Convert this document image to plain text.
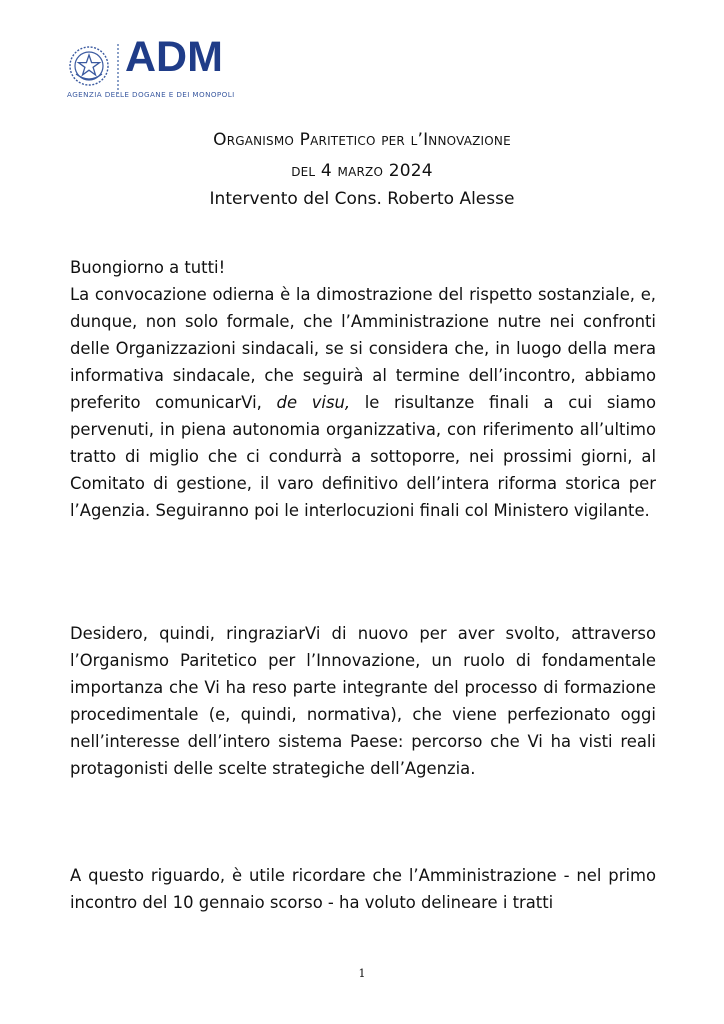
ADM
AGENZIA DELLE DOGANE E DEI MONOPOLI
Organismo Paritetico per l’Innovazione
del 4 marzo 2024
Intervento del Cons. Roberto Alesse
Buongiorno a tutti!
La convocazione odierna è la dimostrazione del rispetto sostanziale, e, dunque, non solo formale, che l’Amministrazione nutre nei confronti delle Organizzazioni sindacali, se si considera che, in luogo della mera informativa sindacale, che seguirà al termine dell’incontro, abbiamo preferito comunicarVi, de visu, le risultanze finali a cui siamo pervenuti, in piena autonomia organizzativa, con riferimento all’ultimo tratto di miglio che ci condurrà a sottoporre, nei prossimi giorni, al Comitato di gestione, il varo definitivo dell’intera riforma storica per l’Agenzia. Seguiranno poi le interlocuzioni finali col Ministero vigilante.
Desidero, quindi, ringraziarVi di nuovo per aver svolto, attraverso l’Organismo Paritetico per l’Innovazione, un ruolo di fondamentale importanza che Vi ha reso parte integrante del processo di formazione procedimentale (e, quindi, normativa), che viene perfezionato oggi nell’interesse dell’intero sistema Paese: percorso che Vi ha visti reali protagonisti delle scelte strategiche dell’Agenzia.
A questo riguardo, è utile ricordare che l’Amministrazione - nel primo incontro del 10 gennaio scorso - ha voluto delineare i tratti
1
